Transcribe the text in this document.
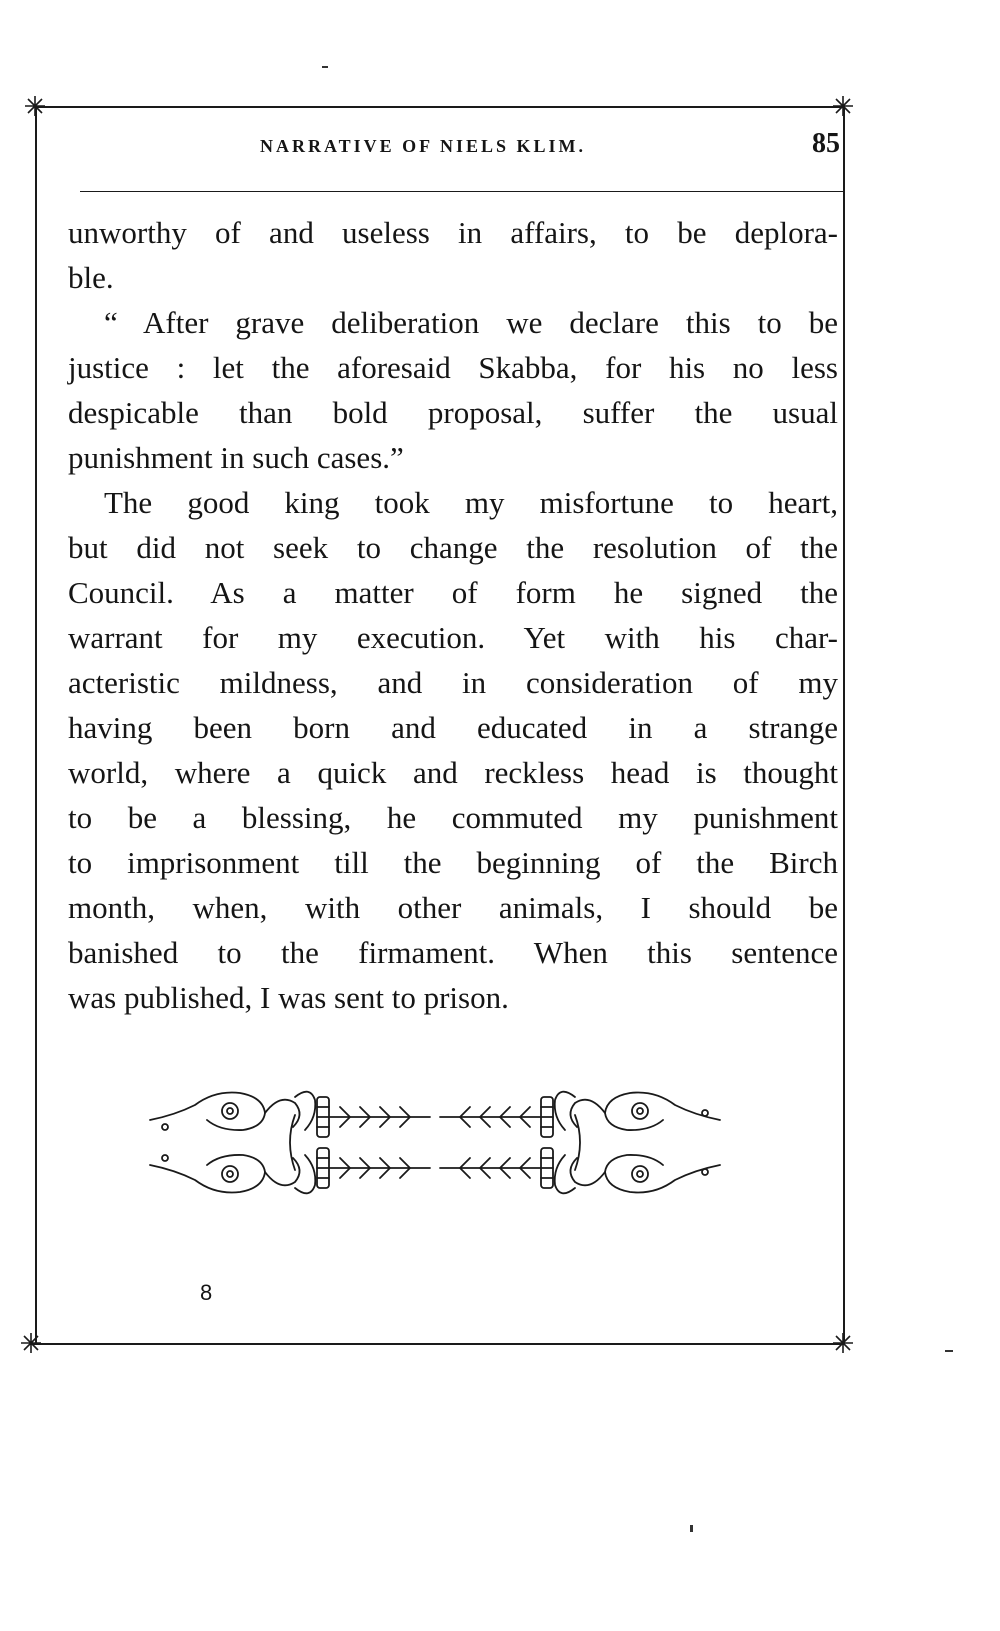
NARRATIVE OF NIELS KLIM.	85

unworthy of and useless in affairs, to be deplora-
ble.

“ After grave deliberation we declare this to be
justice : let the aforesaid Skabba, for his no less
despicable than bold proposal, suffer the usual
punishment in such cases.”

The good king took my misfortune to heart,
but did not seek to change the resolution of the
Council. As a matter of form he signed the
warrant for my execution. Yet with his char-
acteristic mildness, and in consideration of my
having been born and educated in a strange
world, where a quick and reckless head is thought
to be a blessing, he commuted my punishment
to imprisonment till the beginning of the Birch
month, when, with other animals, I should be
banished to the firmament. When this sentence
was published, I was sent to prison.

8
